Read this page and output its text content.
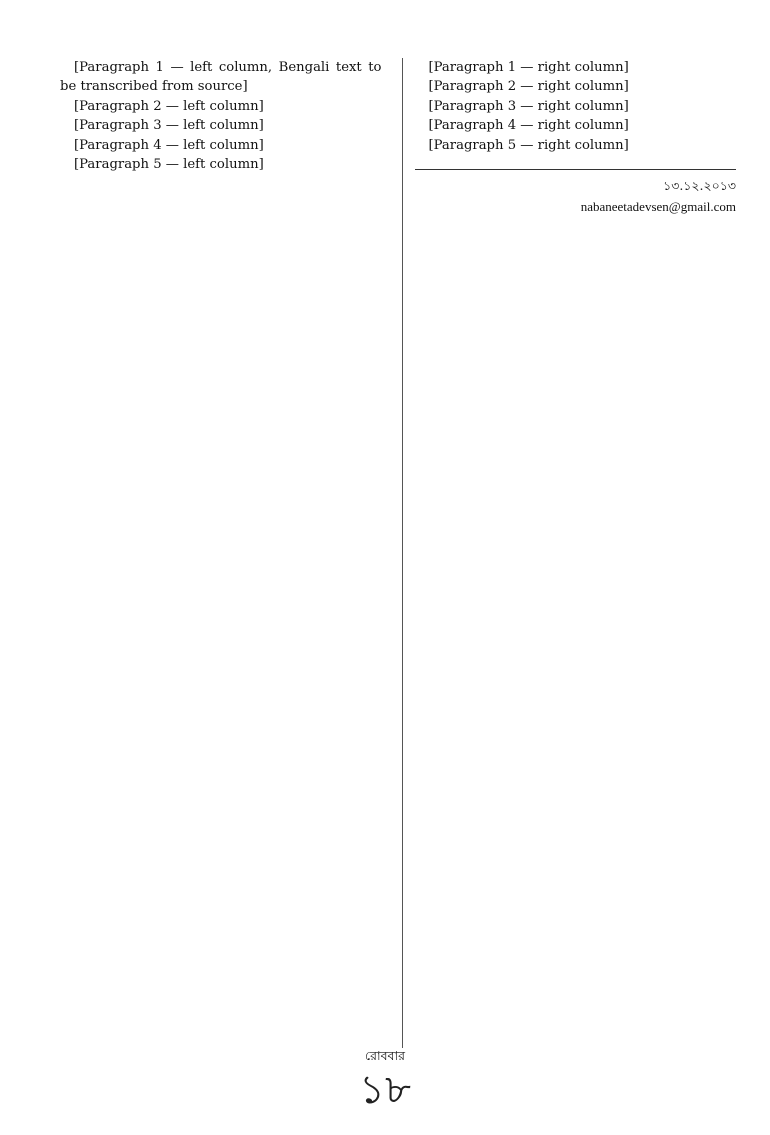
[Paragraph 1 — left column, Bengali text to be transcribed from source]

[Paragraph 2 — left column]

[Paragraph 3 — left column]

[Paragraph 4 — left column]

[Paragraph 5 — left column]

[Paragraph 1 — right column]

[Paragraph 2 — right column]

[Paragraph 3 — right column]

[Paragraph 4 — right column]

[Paragraph 5 — right column]

১৩.১২.২০১৩

nabaneetadevsen@gmail.com

রোববার

১৮
